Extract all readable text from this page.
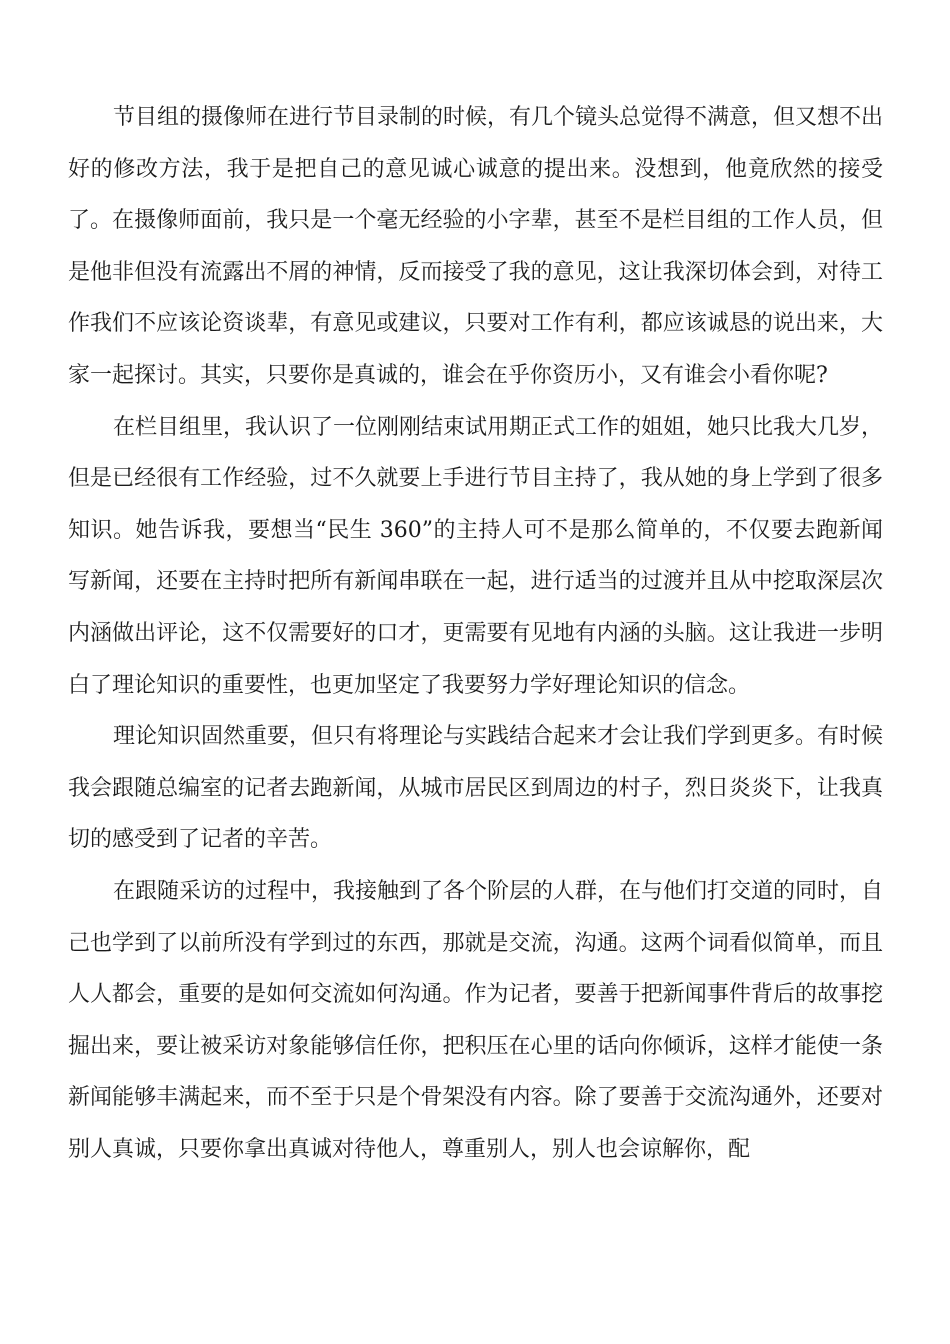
节目组的摄像师在进行节目录制的时候，有几个镜头总觉得不满意，但又想不出好的修改方法，我于是把自己的意见诚心诚意的提出来。没想到，他竟欣然的接受了。在摄像师面前，我只是一个毫无经验的小字辈，甚至不是栏目组的工作人员，但是他非但没有流露出不屑的神情，反而接受了我的意见，这让我深切体会到，对待工作我们不应该论资谈辈，有意见或建议，只要对工作有利，都应该诚恳的说出来，大家一起探讨。其实，只要你是真诚的，谁会在乎你资历小，又有谁会小看你呢?

在栏目组里，我认识了一位刚刚结束试用期正式工作的姐姐，她只比我大几岁，但是已经很有工作经验，过不久就要上手进行节目主持了，我从她的身上学到了很多知识。她告诉我，要想当“民生 360”的主持人可不是那么简单的，不仅要去跑新闻写新闻，还要在主持时把所有新闻串联在一起，进行适当的过渡并且从中挖取深层次内涵做出评论，这不仅需要好的口才，更需要有见地有内涵的头脑。这让我进一步明白了理论知识的重要性，也更加坚定了我要努力学好理论知识的信念。

理论知识固然重要，但只有将理论与实践结合起来才会让我们学到更多。有时候我会跟随总编室的记者去跑新闻，从城市居民区到周边的村子，烈日炎炎下，让我真切的感受到了记者的辛苦。

在跟随采访的过程中，我接触到了各个阶层的人群，在与他们打交道的同时，自己也学到了以前所没有学到过的东西，那就是交流，沟通。这两个词看似简单，而且人人都会，重要的是如何交流如何沟通。作为记者，要善于把新闻事件背后的故事挖掘出来，要让被采访对象能够信任你，把积压在心里的话向你倾诉，这样才能使一条新闻能够丰满起来，而不至于只是个骨架没有内容。除了要善于交流沟通外，还要对别人真诚，只要你拿出真诚对待他人，尊重别人，别人也会谅解你，配
